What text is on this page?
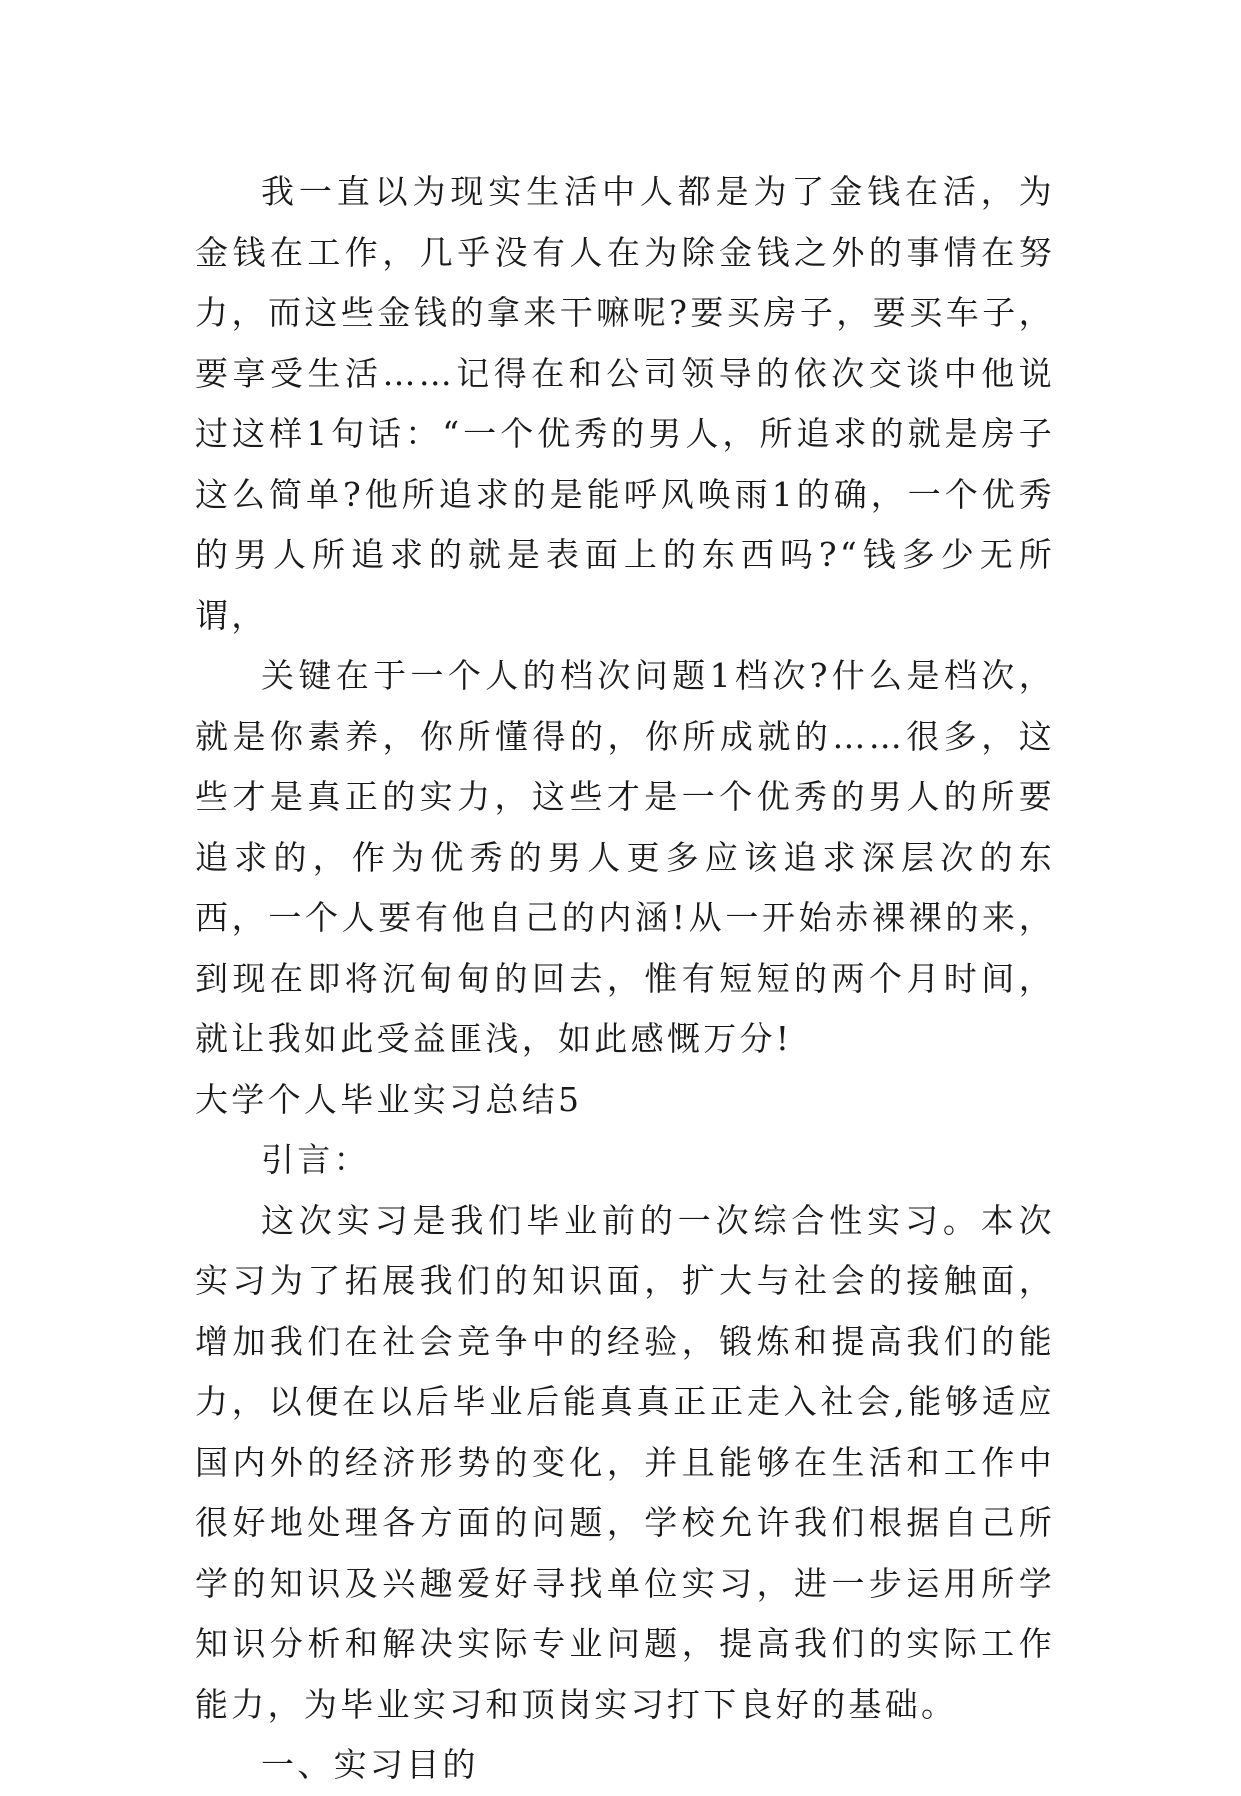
我一直以为现实生活中人都是为了金钱在活，为金钱在工作，几乎没有人在为除金钱之外的事情在努力，而这些金钱的拿来干嘛呢?要买房子，要买车子，要享受生活……记得在和公司领导的依次交谈中他说过这样1句话：“一个优秀的男人，所追求的就是房子这么简单?他所追求的是能呼风唤雨1的确，一个优秀的男人所追求的就是表面上的东西吗?“钱多少无所谓，

关键在于一个人的档次问题1档次?什么是档次，就是你素养，你所懂得的，你所成就的……很多，这些才是真正的实力，这些才是一个优秀的男人的所要追求的，作为优秀的男人更多应该追求深层次的东西，一个人要有他自己的内涵!从一开始赤裸裸的来，到现在即将沉甸甸的回去，惟有短短的两个月时间，就让我如此受益匪浅，如此感慨万分!

大学个人毕业实习总结5

引言：

这次实习是我们毕业前的一次综合性实习。本次实习为了拓展我们的知识面，扩大与社会的接触面，增加我们在社会竞争中的经验，锻炼和提高我们的能力，以便在以后毕业后能真真正正走入社会,能够适应国内外的经济形势的变化，并且能够在生活和工作中很好地处理各方面的问题，学校允许我们根据自己所学的知识及兴趣爱好寻找单位实习，进一步运用所学知识分析和解决实际专业问题，提高我们的实际工作能力，为毕业实习和顶岗实习打下良好的基础。

一、实习目的
